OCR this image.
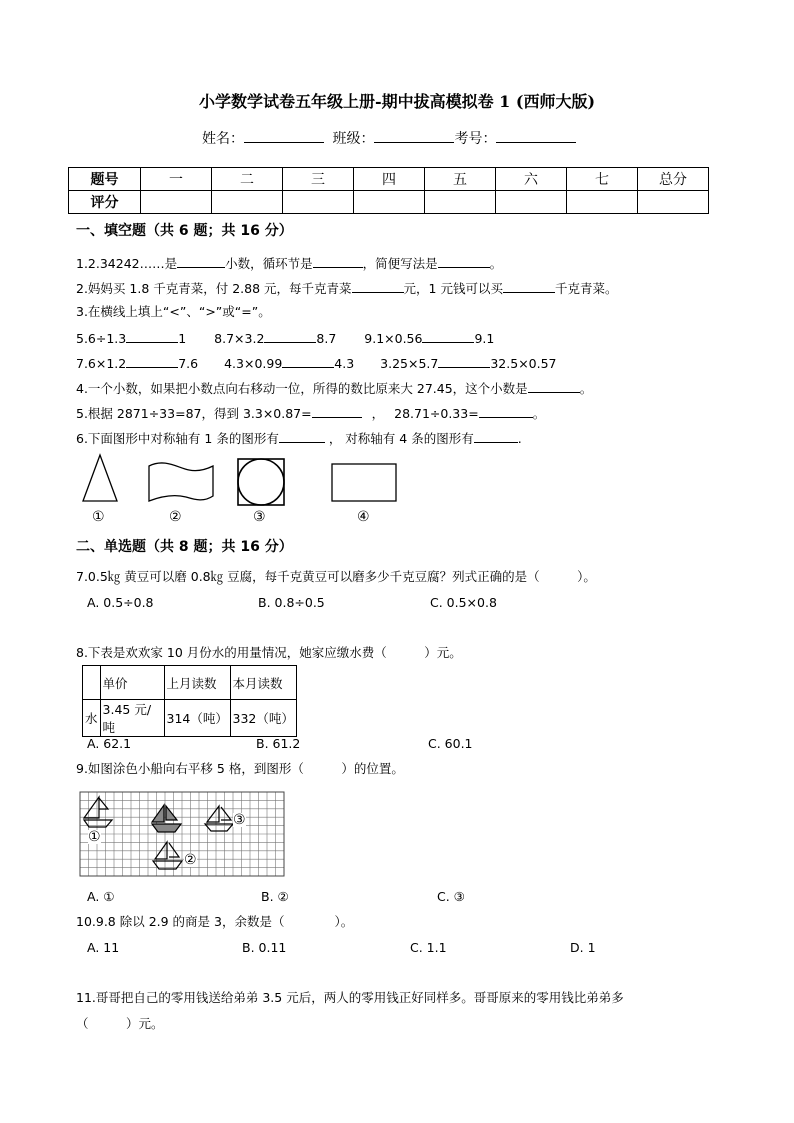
小学数学试卷五年级上册-期中拔高模拟卷 1 (西师大版)
姓名：	班级：	考号：
题号	一	二	三	四	五	六	七	总分
评分								
一、填空题（共 6 题；共 16 分）
1.2.34242……是	小数，循环节是	，简便写法是	。
2.妈妈买 1.8 千克青菜，付 2.88 元，每千克青菜	元，1 元钱可以买	千克青菜。
3.在横线上填上“<”、“>”或“=”。
5.6÷1.3	1 8.7×3.2	8.7 9.1×0.56	9.1
7.6×1.2	7.6 4.3×0.99	4.3 3.25×5.7	32.5×0.57
4.一个小数，如果把小数点向右移动一位，所得的数比原来大 27.45，这个小数是	。
5.根据 2871÷33=87，得到 3.3×0.87=	， 28.71÷0.33=	。
6.下面图形中对称轴有 1 条的图形有	， 对称轴有 4 条的图形有	.
①	②	③	④
二、单选题（共 8 题；共 16 分）
7.0.5㎏ 黄豆可以磨 0.8㎏ 豆腐，每千克黄豆可以磨多少千克豆腐？列式正确的是（　　　）。
A. 0.5÷0.8	B. 0.8÷0.5	C. 0.5×0.8
8.下表是欢欢家 10 月份水的用量情况，她家应缴水费（　　　）元。
	单价	上月读数	本月读数
水	3.45 元/吨	314（吨）	332（吨）
A. 62.1	B. 61.2	C. 60.1
9.如图涂色小船向右平移 5 格，到图形（　　　）的位置。
①
②
③
A. ①	B. ②	C. ③
10.9.8 除以 2.9 的商是 3，余数是（　　　　）。
A. 11	B. 0.11	C. 1.1	D. 1
11.哥哥把自己的零用钱送给弟弟 3.5 元后，两人的零用钱正好同样多。哥哥原来的零用钱比弟弟多
（　　　）元。
